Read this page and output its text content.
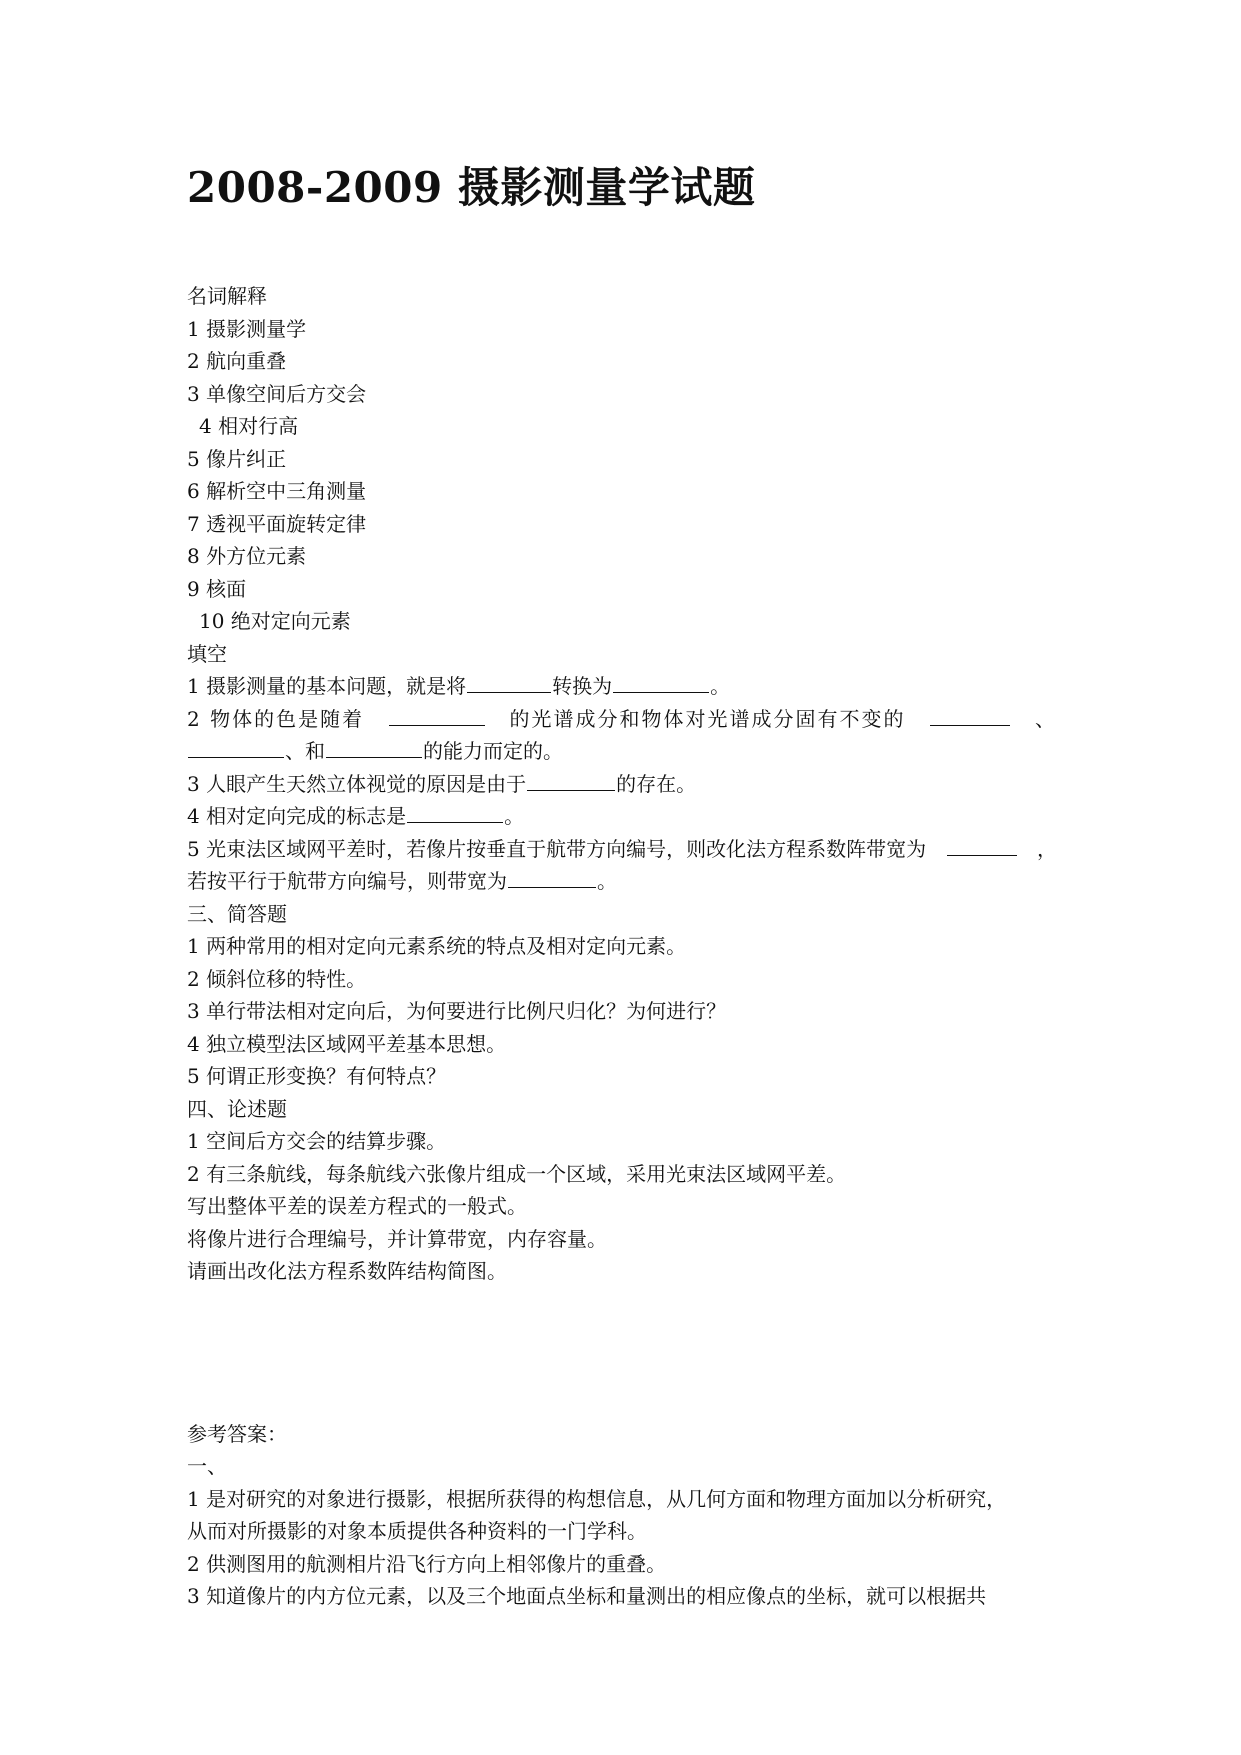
2008-2009 摄影测量学试题
名词解释
1 摄影测量学
2 航向重叠
3 单像空间后方交会
4 相对行高
5 像片纠正
6 解析空中三角测量
7 透视平面旋转定律
8 外方位元素
9 核面
10 绝对定向元素
填空
1 摄影测量的基本问题，就是将	转换为	。
2 物体的色是随着	的光谱成分和物体对光谱成分固有不变的	、
、和	的能力而定的。
3 人眼产生天然立体视觉的原因是由于	的存在。
4 相对定向完成的标志是	。
5 光束法区域网平差时，若像片按垂直于航带方向编号，则改化法方程系数阵带宽为	，
若按平行于航带方向编号，则带宽为	。
三、简答题
1 两种常用的相对定向元素系统的特点及相对定向元素。
2 倾斜位移的特性。
3 单行带法相对定向后，为何要进行比例尺归化？为何进行？
4 独立模型法区域网平差基本思想。
5 何谓正形变换？有何特点？
四、论述题
1 空间后方交会的结算步骤。
2 有三条航线，每条航线六张像片组成一个区域，采用光束法区域网平差。
写出整体平差的误差方程式的一般式。
将像片进行合理编号，并计算带宽，内存容量。
请画出改化法方程系数阵结构简图。
参考答案：
一、
1 是对研究的对象进行摄影，根据所获得的构想信息，从几何方面和物理方面加以分析研究，
从而对所摄影的对象本质提供各种资料的一门学科。
2 供测图用的航测相片沿飞行方向上相邻像片的重叠。
3 知道像片的内方位元素，以及三个地面点坐标和量测出的相应像点的坐标，就可以根据共
